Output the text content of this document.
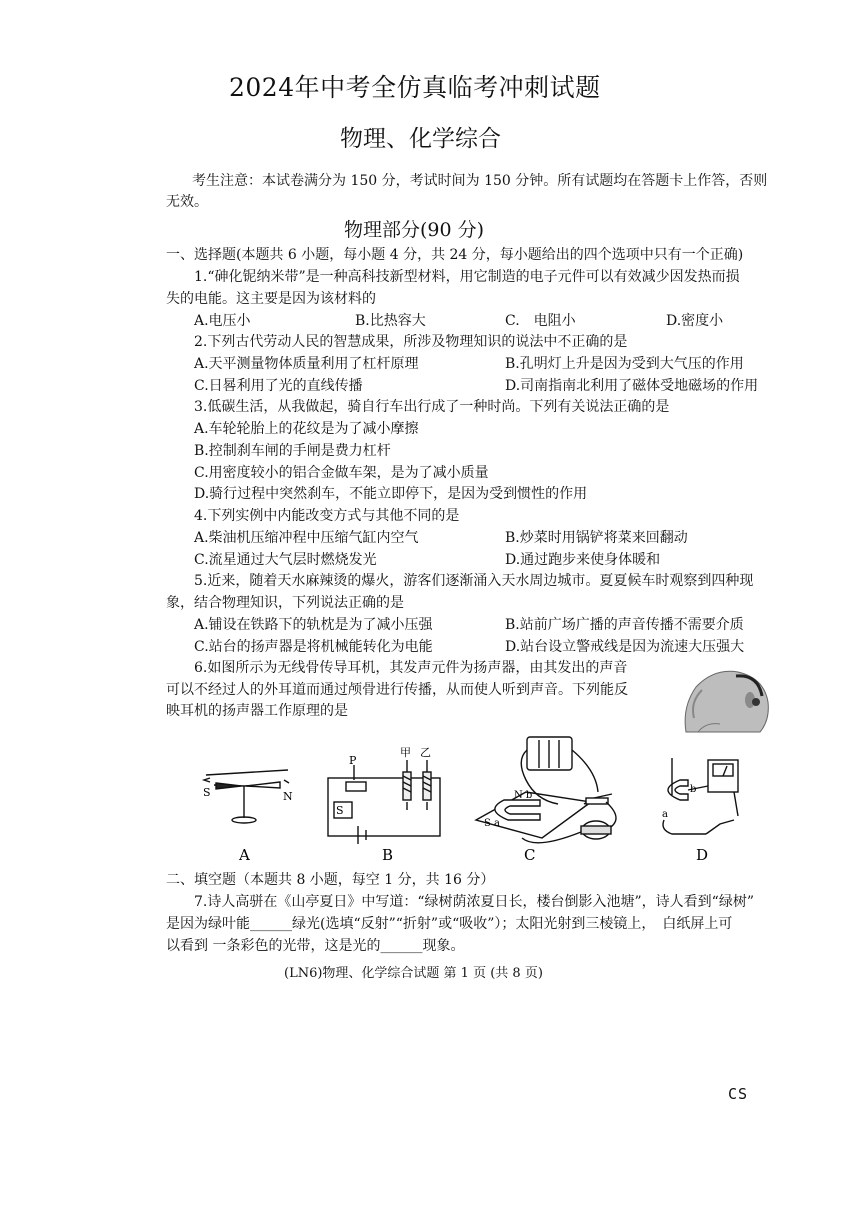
2024年中考全仿真临考冲刺试题
物理、化学综合
考生注意：本试卷满分为 150 分，考试时间为 150 分钟。所有试题均在答题卡上作答，否则
无效。
物理部分(90 分)
一、选择题(本题共 6 小题，每小题 4 分，共 24 分，每小题给出的四个选项中只有一个正确)
1.“砷化铌纳米带”是一种高科技新型材料，用它制造的电子元件可以有效减少因发热而损
失的电能。这主要是因为该材料的
A.电压小	B.比热容大	C.　电阻小	D.密度小
2.下列古代劳动人民的智慧成果，所涉及物理知识的说法中不正确的是
A.天平测量物体质量利用了杠杆原理	B.孔明灯上升是因为受到大气压的作用
C.日晷利用了光的直线传播	D.司南指南北利用了磁体受地磁场的作用
3.低碳生活，从我做起，骑自行车出行成了一种时尚。下列有关说法正确的是
A.车轮轮胎上的花纹是为了减小摩擦
B.控制刹车闸的手闸是费力杠杆
C.用密度较小的铝合金做车架，是为了减小质量
D.骑行过程中突然刹车，不能立即停下，是因为受到惯性的作用
4.下列实例中内能改变方式与其他不同的是
A.柴油机压缩冲程中压缩气缸内空气	B.炒菜时用锅铲将菜来回翻动
C.流星通过大气层时燃烧发光	D.通过跑步来使身体暖和
5.近来，随着天水麻辣烫的爆火，游客们逐渐涌入天水周边城市。夏夏候车时观察到四种现
象，结合物理知识，下列说法正确的是
A.铺设在铁路下的轨枕是为了减小压强	B.站前广场广播的声音传播不需要介质
C.站台的扬声器是将机械能转化为电能	D.站台设立警戒线是因为流速大压强大
6.如图所示为无线骨传导耳机，其发声元件为扬声器，由其发出的声音
可以不经过人的外耳道而通过颅骨进行传播，从而使人听到声音。下列能反
映耳机的扬声器工作原理的是
S	N
P
S
甲 乙
N b
S a
b
a
A	B	C	D
二、填空题（本题共 8 小题，每空 1 分，共 16 分）
7.诗人高骈在《山亭夏日》中写道：“绿树荫浓夏日长，楼台倒影入池塘”，诗人看到“绿树”
是因为绿叶能______绿光(选填“反射”“折射”或“吸收”）；太阳光射到三棱镜上，　白纸屏上可
以看到 一条彩色的光带，这是光的______现象。
(LN6)物理、化学综合试题 第 1 页 (共 8 页)
CS
